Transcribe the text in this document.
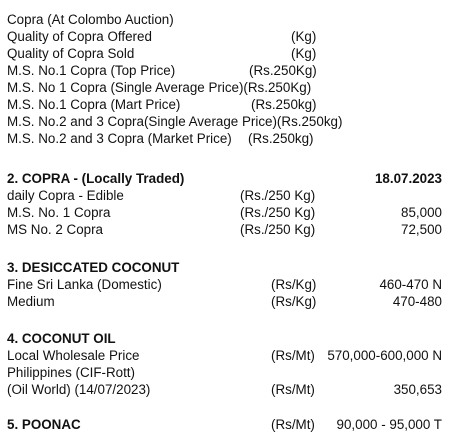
Copra (At Colombo Auction)
Quality of Copra Offered	(Kg)
Quality of Copra Sold	(Kg)
M.S. No.1 Copra (Top Price)	(Rs.250Kg)
M.S. No 1 Copra (Single Average Price)(Rs.250Kg)
M.S. No.1 Copra (Mart Price)	(Rs.250kg)
M.S. No.2 and 3 Copra(Single Average Price)(Rs.250kg)
M.S. No.2 and 3 Copra (Market Price) (Rs.250kg)
2. COPRA - (Locally Traded)	18.07.2023
daily Copra - Edible	(Rs./250 Kg)
M.S. No. 1 Copra	(Rs./250 Kg)	85,000
MS No. 2 Copra	(Rs./250 Kg)	72,500
3. DESICCATED COCONUT
Fine Sri Lanka (Domestic)	(Rs/Kg)	460-470 N
Medium	(Rs/Kg)	470-480
4. COCONUT OIL
Local Wholesale Price	(Rs/Mt) 570,000-600,000 N
Philippines (CIF-Rott)
(Oil World) (14/07/2023)	(Rs/Mt)	350,653
5. POONAC	(Rs/Mt) 90,000 - 95,000 T
